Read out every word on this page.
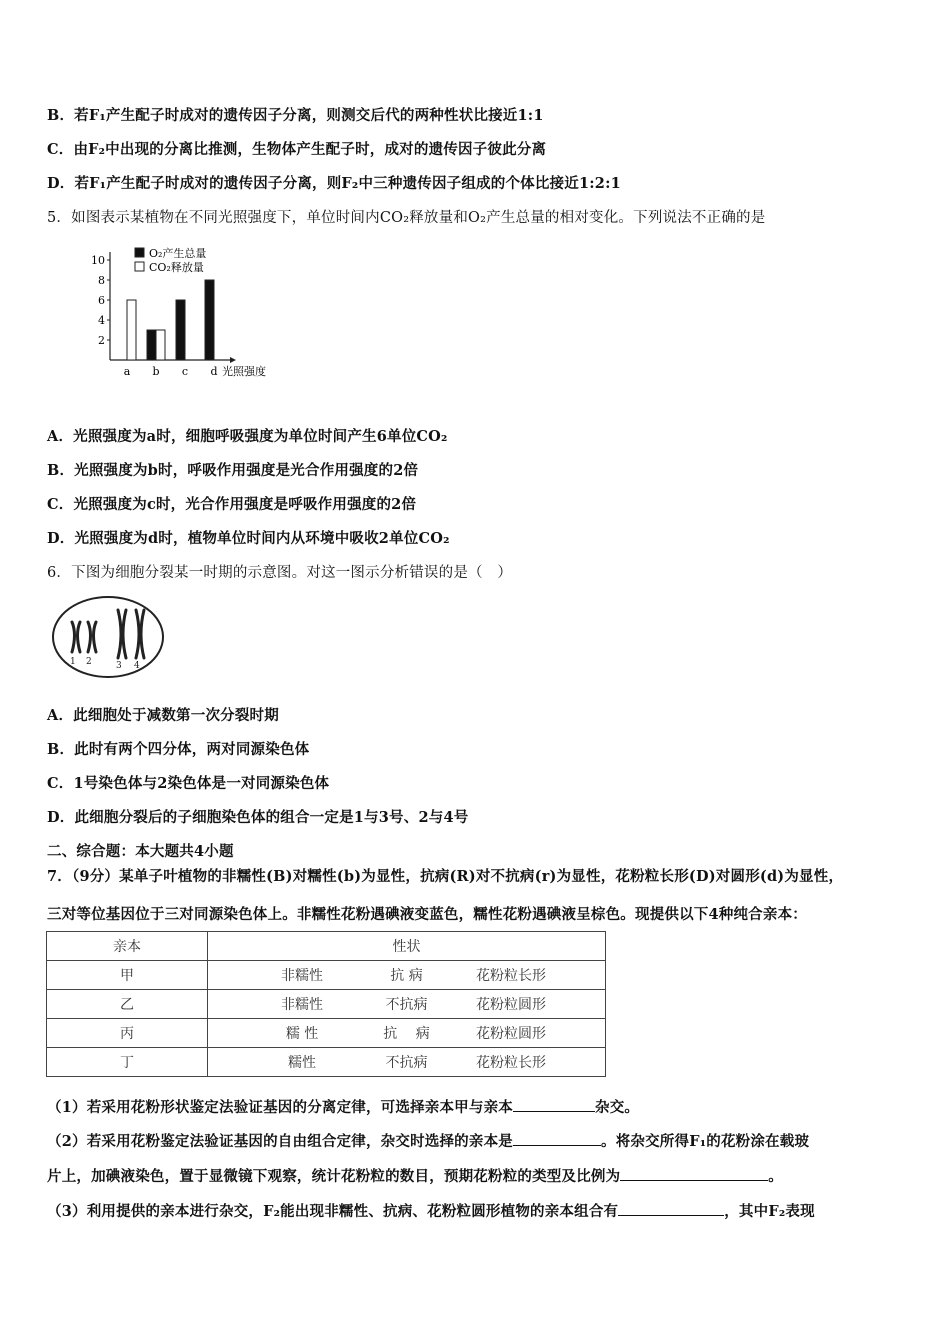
B．若F₁产生配子时成对的遗传因子分离，则测交后代的两种性状比接近1:1
C．由F₂中出现的分离比推测，生物体产生配子时，成对的遗传因子彼此分离
D．若F₁产生配子时成对的遗传因子分离，则F₂中三种遗传因子组成的个体比接近1:2:1
5．如图表示某植物在不同光照强度下，单位时间内CO₂释放量和O₂产生总量的相对变化。下列说法不正确的是
2
4
6
8
10
a b c d 光照强度
O₂产生总量
CO₂释放量
A．光照强度为a时，细胞呼吸强度为单位时间产生6单位CO₂
B．光照强度为b时，呼吸作用强度是光合作用强度的2倍
C．光照强度为c时，光合作用强度是呼吸作用强度的2倍
D．光照强度为d时，植物单位时间内从环境中吸收2单位CO₂
6．下图为细胞分裂某一时期的示意图。对这一图示分析错误的是（　）
1 2	3 4
A．此细胞处于减数第一次分裂时期
B．此时有两个四分体，两对同源染色体
C．1号染色体与2染色体是一对同源染色体
D．此细胞分裂后的子细胞染色体的组合一定是1与3号、2与4号
二、综合题：本大题共4小题
7．（9分）某单子叶植物的非糯性(B)对糯性(b)为显性，抗病(R)对不抗病(r)为显性，花粉粒长形(D)对圆形(d)为显性，
三对等位基因位于三对同源染色体上。非糯性花粉遇碘液变蓝色，糯性花粉遇碘液呈棕色。现提供以下4种纯合亲本：
亲本	性状
甲	非糯性 抗 病 花粉粒长形
乙	非糯性 不抗病 花粉粒圆形
丙	糯 性 抗　 病 花粉粒圆形
丁	糯性 不抗病 花粉粒长形
（1）若采用花粉形状鉴定法验证基因的分离定律，可选择亲本甲与亲本	杂交。
（2）若采用花粉鉴定法验证基因的自由组合定律，杂交时选择的亲本是	。将杂交所得F₁的花粉涂在载玻
片上，加碘液染色，置于显微镜下观察，统计花粉粒的数目，预期花粉粒的类型及比例为	。
（3）利用提供的亲本进行杂交，F₂能出现非糯性、抗病、花粉粒圆形植物的亲本组合有	，其中F₂表现
